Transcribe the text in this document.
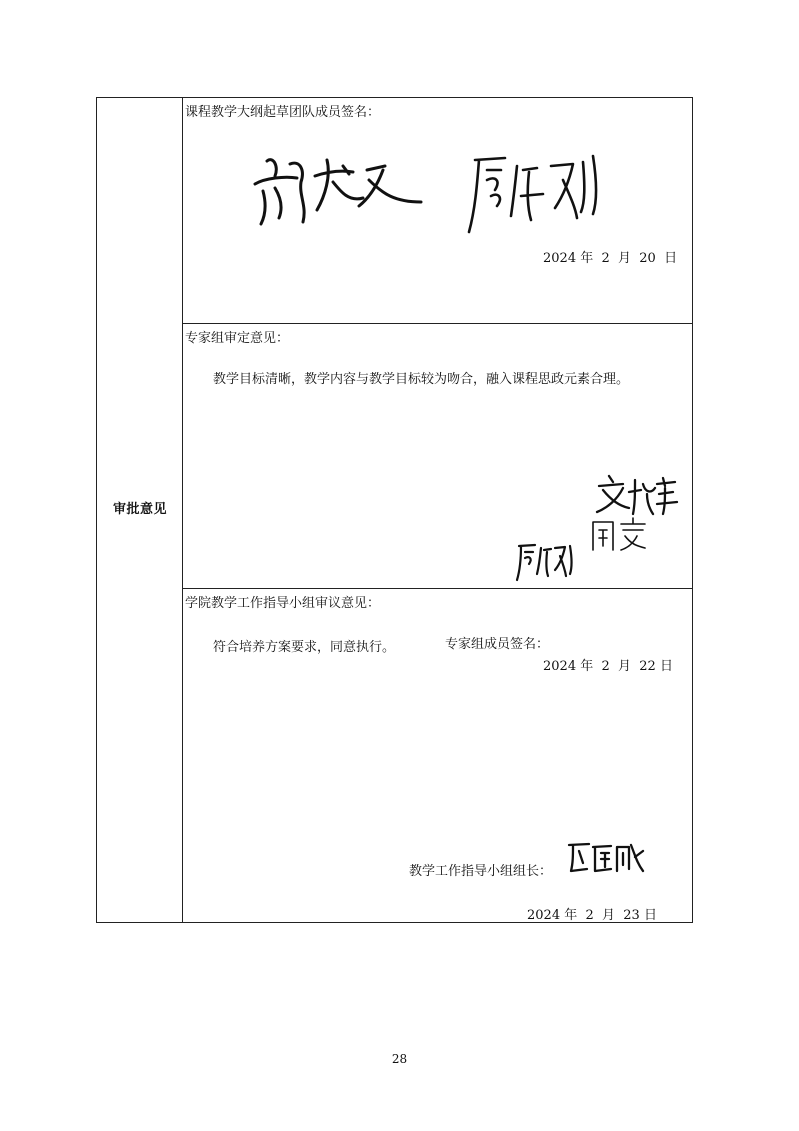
审批意见
课程教学大纲起草团队成员签名：
2024 年  2  月  20  日
专家组审定意见：
教学目标清晰，教学内容与教学目标较为吻合，融入课程思政元素合理。
专家组成员签名：
2024 年  2  月  22 日
学院教学工作指导小组审议意见：
符合培养方案要求，同意执行。
教学工作指导小组组长：
2024 年  2  月  23 日
28
